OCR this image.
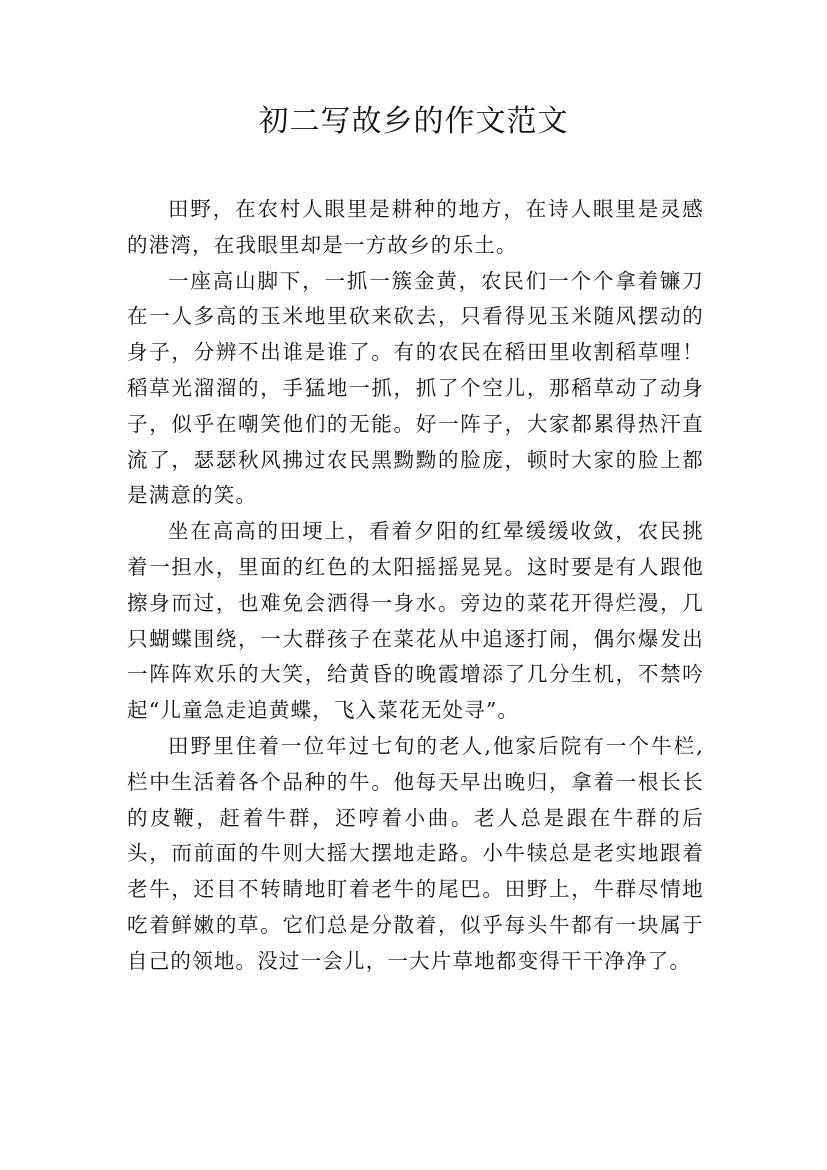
初二写故乡的作文范文

田野，在农村人眼里是耕种的地方，在诗人眼里是灵感的港湾，在我眼里却是一方故乡的乐土。

一座高山脚下，一抓一簇金黄，农民们一个个拿着镰刀在一人多高的玉米地里砍来砍去，只看得见玉米随风摆动的身子，分辨不出谁是谁了。有的农民在稻田里收割稻草哩！稻草光溜溜的，手猛地一抓，抓了个空儿，那稻草动了动身子，似乎在嘲笑他们的无能。好一阵子，大家都累得热汗直流了，瑟瑟秋风拂过农民黑黝黝的脸庞，顿时大家的脸上都是满意的笑。

坐在高高的田埂上，看着夕阳的红晕缓缓收敛，农民挑着一担水，里面的红色的太阳摇摇晃晃。这时要是有人跟他擦身而过，也难免会洒得一身水。旁边的菜花开得烂漫，几只蝴蝶围绕，一大群孩子在菜花从中追逐打闹，偶尔爆发出一阵阵欢乐的大笑，给黄昏的晚霞增添了几分生机，不禁吟起“儿童急走追黄蝶，飞入菜花无处寻”。

田野里住着一位年过七旬的老人,他家后院有一个牛栏,栏中生活着各个品种的牛。他每天早出晚归，拿着一根长长的皮鞭，赶着牛群，还哼着小曲。老人总是跟在牛群的后头，而前面的牛则大摇大摆地走路。小牛犊总是老实地跟着老牛，还目不转睛地盯着老牛的尾巴。田野上，牛群尽情地吃着鲜嫩的草。它们总是分散着，似乎每头牛都有一块属于自己的领地。没过一会儿，一大片草地都变得干干净净了。
